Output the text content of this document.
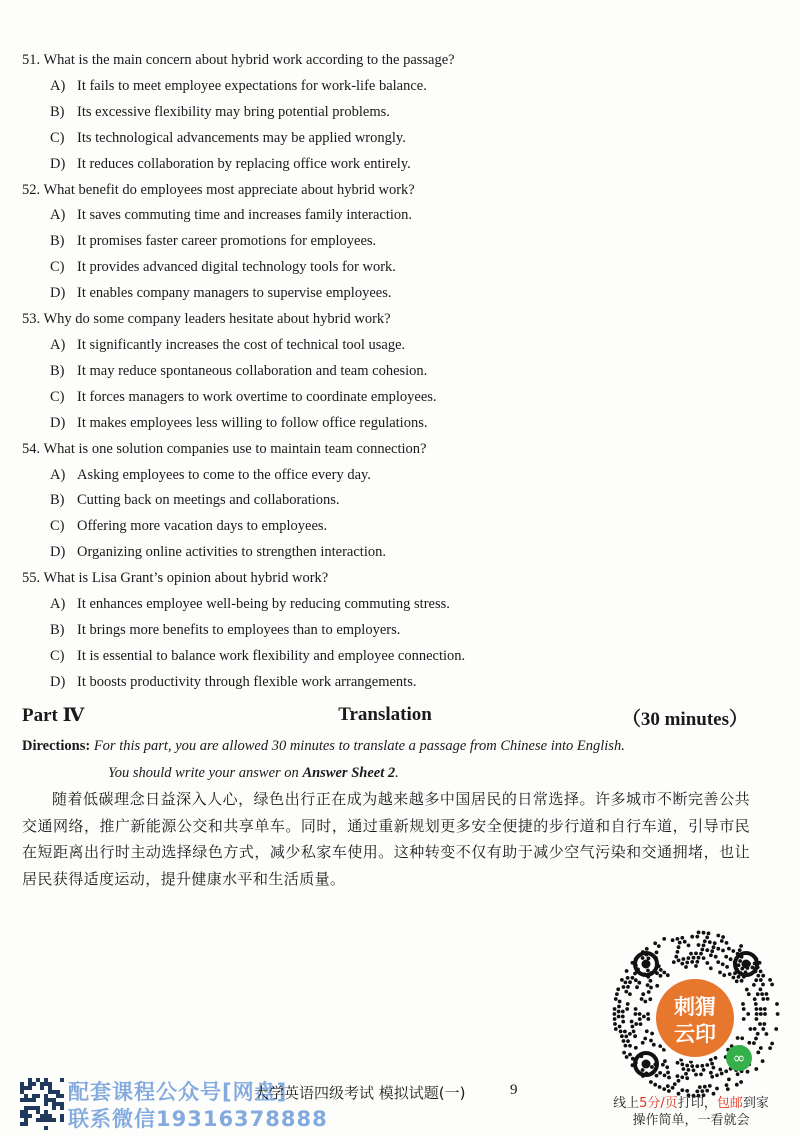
51. What is the main concern about hybrid work according to the passage?

A) It fails to meet employee expectations for work-life balance.

B) Its excessive flexibility may bring potential problems.

C) Its technological advancements may be applied wrongly.

D) It reduces collaboration by replacing office work entirely.

52. What benefit do employees most appreciate about hybrid work?

A) It saves commuting time and increases family interaction.

B) It promises faster career promotions for employees.

C) It provides advanced digital technology tools for work.

D) It enables company managers to supervise employees.

53. Why do some company leaders hesitate about hybrid work?

A) It significantly increases the cost of technical tool usage.

B) It may reduce spontaneous collaboration and team cohesion.

C) It forces managers to work overtime to coordinate employees.

D) It makes employees less willing to follow office regulations.

54. What is one solution companies use to maintain team connection?

A) Asking employees to come to the office every day.

B) Cutting back on meetings and collaborations.

C) Offering more vacation days to employees.

D) Organizing online activities to strengthen interaction.

55. What is Lisa Grant’s opinion about hybrid work?

A) It enhances employee well-being by reducing commuting stress.

B) It brings more benefits to employees than to employers.

C) It is essential to balance work flexibility and employee connection.

D) It boosts productivity through flexible work arrangements.

Part Ⅳ	Translation	（30 minutes）
Directions: For this part, you are allowed 30 minutes to translate a passage from Chinese into English.
You should write your answer on Answer Sheet 2.
随着低碳理念日益深入人心，绿色出行正在成为越来越多中国居民的日常选择。许多城市不断完善公共交通网络，推广新能源公交和共享单车。同时，通过重新规划更多安全便捷的步行道和自行车道，引导市民在短距离出行时主动选择绿色方式，减少私家车使用。这种转变不仅有助于减少空气污染和交通拥堵，也让居民获得适度运动，提升健康水平和生活质量。
刺猬
云印
∞
线上5分/页打印，包邮到家
操作简单，一看就会
配套课程公众号[网盘]
联系微信19316378888
大学英语四级考试 模拟试题(一)	9
